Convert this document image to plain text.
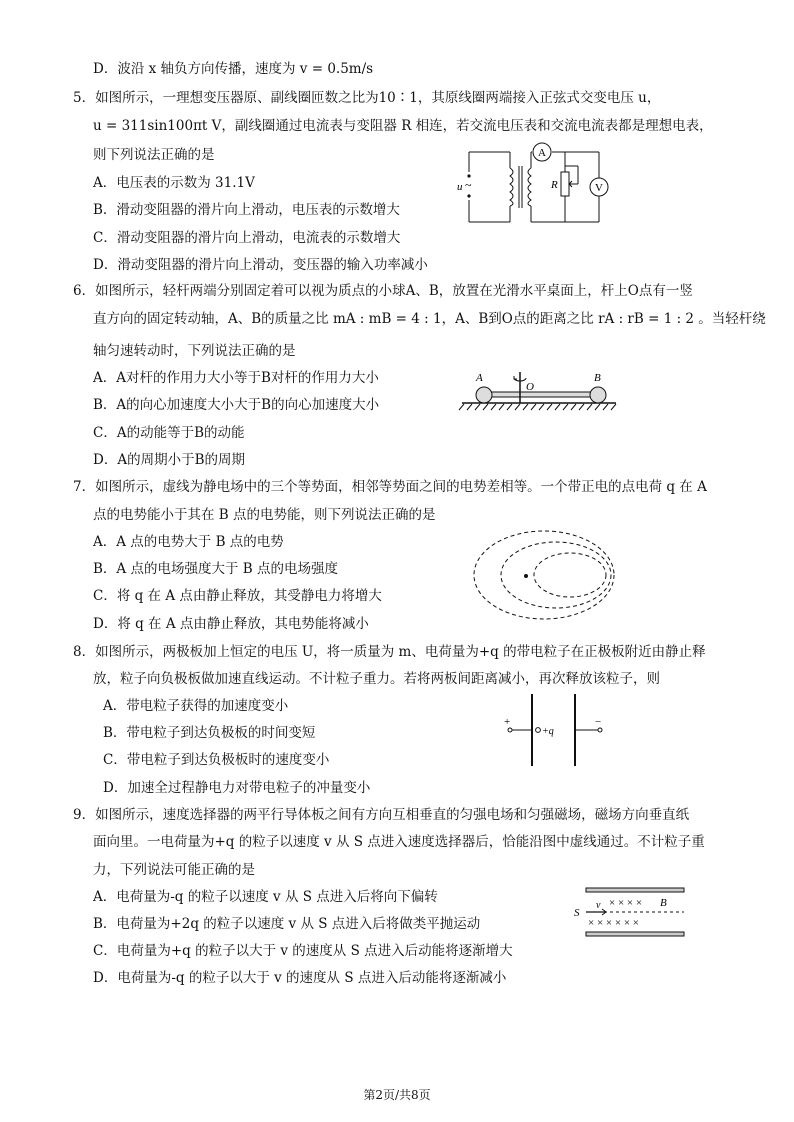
D．波沿 x 轴负方向传播，速度为 v = 0.5m/s
5．如图所示，一理想变压器原、副线圈匝数之比为10∶1，其原线圈两端接入正弦式交变电压 u，
u = 311sin100πt V，副线圈通过电流表与变阻器 R 相连，若交流电压表和交流电流表都是理想电表，
则下列说法正确的是
A．电压表的示数为 31.1V
B．滑动变阻器的滑片向上滑动，电压表的示数增大
C．滑动变阻器的滑片向上滑动，电流表的示数增大
D．滑动变阻器的滑片向上滑动，变压器的输入功率减小
u ~
A
V
R
6．如图所示，轻杆两端分别固定着可以视为质点的小球A、B，放置在光滑水平桌面上，杆上O点有一竖
直方向的固定转动轴，A、B的质量之比 mA : mB = 4 : 1，A、B到O点的距离之比 rA : rB = 1 : 2 。当轻杆绕
轴匀速转动时，下列说法正确的是
A．A对杆的作用力大小等于B对杆的作用力大小
B．A的向心加速度大小大于B的向心加速度大小
C．A的动能等于B的动能
D．A的周期小于B的周期
A	B
O
7．如图所示，虚线为静电场中的三个等势面，相邻等势面之间的电势差相等。一个带正电的点电荷 q 在 A
点的电势能小于其在 B 点的电势能，则下列说法正确的是
A．A 点的电势大于 B 点的电势
B．A 点的电场强度大于 B 点的电场强度
C．将 q 在 A 点由静止释放，其受静电力将增大
D．将 q 在 A 点由静止释放，其电势能将减小
8．如图所示，两极板加上恒定的电压 U，将一质量为 m、电荷量为+q 的带电粒子在正极板附近由静止释
放，粒子向负极板做加速直线运动。不计粒子重力。若将两板间距离减小，再次释放该粒子，则
A．带电粒子获得的加速度变小
B．带电粒子到达负极板的时间变短
C．带电粒子到达负极板时的速度变小
D．加速全过程静电力对带电粒子的冲量变小
+	−
+q
9．如图所示，速度选择器的两平行导体板之间有方向互相垂直的匀强电场和匀强磁场，磁场方向垂直纸
面向里。一电荷量为+q 的粒子以速度 v 从 S 点进入速度选择器后，恰能沿图中虚线通过。不计粒子重
力，下列说法可能正确的是
A．电荷量为-q 的粒子以速度 v 从 S 点进入后将向下偏转
B．电荷量为+2q 的粒子以速度 v 从 S 点进入后将做类平抛运动
C．电荷量为+q 的粒子以大于 v 的速度从 S 点进入后动能将逐渐增大
D．电荷量为-q 的粒子以大于 v 的速度从 S 点进入后动能将逐渐减小
S
v × × × × B
× × × × × ×
第2页/共8页
